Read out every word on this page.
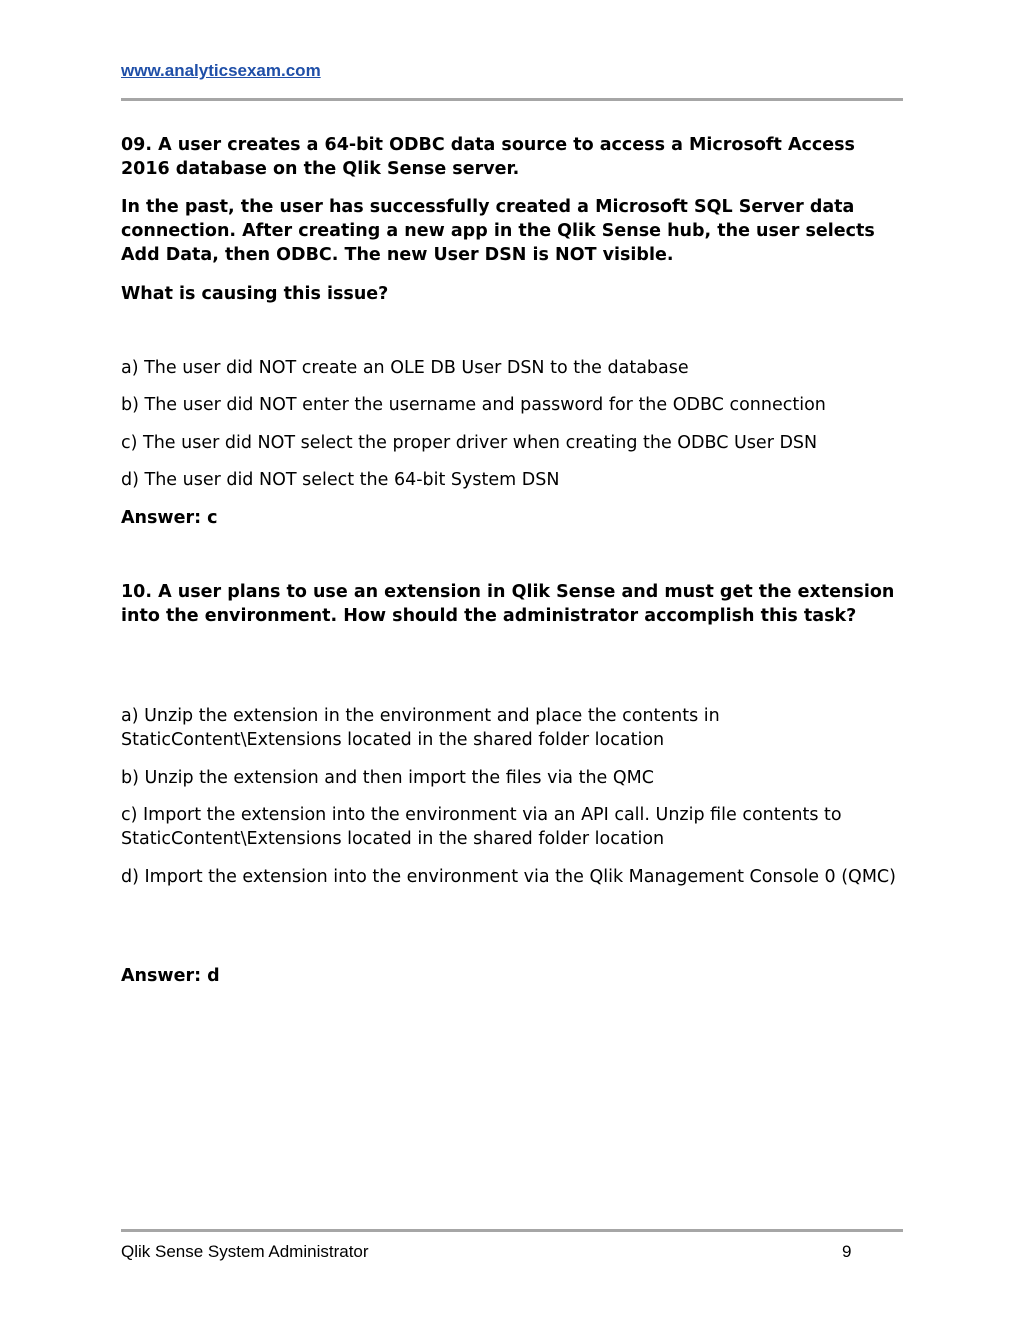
www.analyticsexam.com

09. A user creates a 64-bit ODBC data source to access a Microsoft Access 2016 database on the Qlik Sense server.

In the past, the user has successfully created a Microsoft SQL Server data connection. After creating a new app in the Qlik Sense hub, the user selects Add Data, then ODBC. The new User DSN is NOT visible.

What is causing this issue?

a) The user did NOT create an OLE DB User DSN to the database

b) The user did NOT enter the username and password for the ODBC connection

c) The user did NOT select the proper driver when creating the ODBC User DSN

d) The user did NOT select the 64-bit System DSN

Answer: c

10. A user plans to use an extension in Qlik Sense and must get the extension into the environment. How should the administrator accomplish this task?

a) Unzip the extension in the environment and place the contents in StaticContent\Extensions located in the shared folder location

b) Unzip the extension and then import the files via the QMC

c) Import the extension into the environment via an API call. Unzip file contents to StaticContent\Extensions located in the shared folder location

d) Import the extension into the environment via the Qlik Management Console 0 (QMC)

Answer: d

Qlik Sense System Administrator	9
